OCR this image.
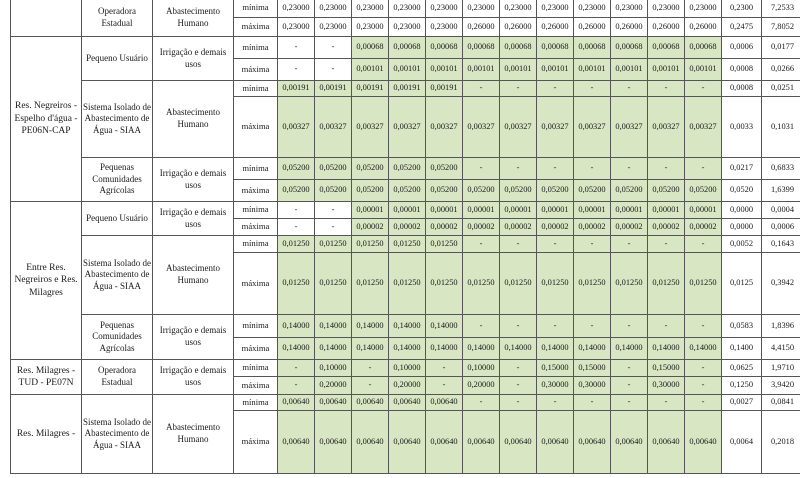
	Operadora Estadual	Abastecimento Humano	mínima	0,23000	0,23000	0,23000	0,23000	0,23000	0,23000	0,23000	0,23000	0,23000	0,23000	0,23000	0,23000	0,2300	7,2533
			máxima	0,23000	0,23000	0,23000	0,23000	0,23000	0,26000	0,26000	0,26000	0,26000	0,26000	0,26000	0,26000	0,2475	7,8052
Res. Negreiros - Espelho d'água - PE06N-CAP	Pequeno Usuário	Irrigação e demais usos	mínima	-	-	0,00068	0,00068	0,00068	0,00068	0,00068	0,00068	0,00068	0,00068	0,00068	0,00068	0,0006	0,0177
			máxima	-	-	0,00101	0,00101	0,00101	0,00101	0,00101	0,00101	0,00101	0,00101	0,00101	0,00101	0,0008	0,0266
	Sistema Isolado de Abastecimento de Água - SIAA	Abastecimento Humano	mínima	0,00191	0,00191	0,00191	0,00191	0,00191	-	-	-	-	-	-	-	0,0008	0,0251
			máxima	0,00327	0,00327	0,00327	0,00327	0,00327	0,00327	0,00327	0,00327	0,00327	0,00327	0,00327	0,00327	0,0033	0,1031
	Pequenas Comunidades Agrícolas	Irrigação e demais usos	mínima	0,05200	0,05200	0,05200	0,05200	0,05200	-	-	-	-	-	-	-	0,0217	0,6833
			máxima	0,05200	0,05200	0,05200	0,05200	0,05200	0,05200	0,05200	0,05200	0,05200	0,05200	0,05200	0,05200	0,0520	1,6399
Entre Res. Negreiros e Res. Milagres	Pequeno Usuário	Irrigação e demais usos	mínima	-	-	0,00001	0,00001	0,00001	0,00001	0,00001	0,00001	0,00001	0,00001	0,00001	0,00001	0,0000	0,0004
			máxima	-	-	0,00002	0,00002	0,00002	0,00002	0,00002	0,00002	0,00002	0,00002	0,00002	0,00002	0,0000	0,0006
	Sistema Isolado de Abastecimento de Água - SIAA	Abastecimento Humano	mínima	0,01250	0,01250	0,01250	0,01250	0,01250	-	-	-	-	-	-	-	0,0052	0,1643
			máxima	0,01250	0,01250	0,01250	0,01250	0,01250	0,01250	0,01250	0,01250	0,01250	0,01250	0,01250	0,01250	0,0125	0,3942
	Pequenas Comunidades Agrícolas	Irrigação e demais usos	mínima	0,14000	0,14000	0,14000	0,14000	0,14000	-	-	-	-	-	-	-	0,0583	1,8396
			máxima	0,14000	0,14000	0,14000	0,14000	0,14000	0,14000	0,14000	0,14000	0,14000	0,14000	0,14000	0,14000	0,1400	4,4150
Res. Milagres - TUD - PE07N	Operadora Estadual	Irrigação e demais usos	mínima	-	0,10000	-	0,10000	-	0,10000	-	0,15000	0,15000	-	0,15000	-	0,0625	1,9710
			máxima	-	0,20000	-	0,20000	-	0,20000	-	0,30000	0,30000	-	0,30000	-	0,1250	3,9420
Res. Milagres -	Sistema Isolado de Abastecimento de Água - SIAA	Abastecimento Humano	mínima	0,00640	0,00640	0,00640	0,00640	0,00640	-	-	-	-	-	-	-	0,0027	0,0841
			máxima	0,00640	0,00640	0,00640	0,00640	0,00640	0,00640	0,00640	0,00640	0,00640	0,00640	0,00640	0,00640	0,0064	0,2018
